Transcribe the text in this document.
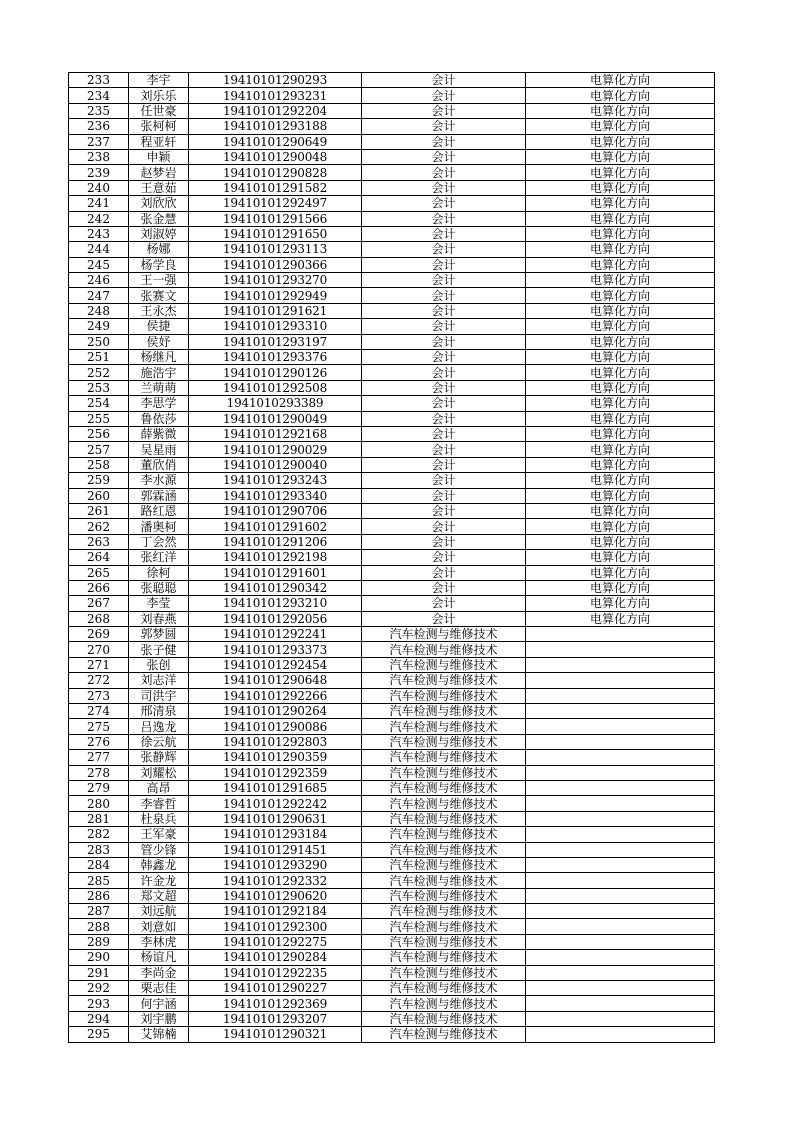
233	李宇	19410101290293	会计	电算化方向
234	刘乐乐	19410101293231	会计	电算化方向
235	任世豪	19410101292204	会计	电算化方向
236	张柯柯	19410101293188	会计	电算化方向
237	程亚轩	19410101290649	会计	电算化方向
238	申颖	19410101290048	会计	电算化方向
239	赵梦岩	19410101290828	会计	电算化方向
240	王意茹	19410101291582	会计	电算化方向
241	刘欣欣	19410101292497	会计	电算化方向
242	张金慧	19410101291566	会计	电算化方向
243	刘淑婷	19410101291650	会计	电算化方向
244	杨娜	19410101293113	会计	电算化方向
245	杨学良	19410101290366	会计	电算化方向
246	王一强	19410101293270	会计	电算化方向
247	张赛文	19410101292949	会计	电算化方向
248	王永杰	19410101291621	会计	电算化方向
249	侯捷	19410101293310	会计	电算化方向
250	侯妤	19410101293197	会计	电算化方向
251	杨继凡	19410101293376	会计	电算化方向
252	施浩宇	19410101290126	会计	电算化方向
253	兰萌萌	19410101292508	会计	电算化方向
254	李思学	1941010293389	会计	电算化方向
255	鲁依莎	19410101290049	会计	电算化方向
256	薛紫微	19410101292168	会计	电算化方向
257	吴星雨	19410101290029	会计	电算化方向
258	董欣俏	19410101290040	会计	电算化方向
259	李水源	19410101293243	会计	电算化方向
260	郭霖涵	19410101293340	会计	电算化方向
261	路红恩	19410101290706	会计	电算化方向
262	潘奥柯	19410101291602	会计	电算化方向
263	丁会然	19410101291206	会计	电算化方向
264	张红洋	19410101292198	会计	电算化方向
265	徐柯	19410101291601	会计	电算化方向
266	张聪聪	19410101290342	会计	电算化方向
267	李莹	19410101293210	会计	电算化方向
268	刘春燕	19410101292056	会计	电算化方向
269	郭梦圆	19410101292241	汽车检测与维修技术	
270	张子健	19410101293373	汽车检测与维修技术	
271	张创	19410101292454	汽车检测与维修技术	
272	刘志洋	19410101290648	汽车检测与维修技术	
273	司洪宇	19410101292266	汽车检测与维修技术	
274	邢清泉	19410101290264	汽车检测与维修技术	
275	吕逸龙	19410101290086	汽车检测与维修技术	
276	徐云航	19410101292803	汽车检测与维修技术	
277	张静辉	19410101290359	汽车检测与维修技术	
278	刘耀松	19410101292359	汽车检测与维修技术	
279	高昂	19410101291685	汽车检测与维修技术	
280	李睿哲	19410101292242	汽车检测与维修技术	
281	杜泉兵	19410101290631	汽车检测与维修技术	
282	王军豪	19410101293184	汽车检测与维修技术	
283	管少锋	19410101291451	汽车检测与维修技术	
284	韩鑫龙	19410101293290	汽车检测与维修技术	
285	许金龙	19410101292332	汽车检测与维修技术	
286	郑文超	19410101290620	汽车检测与维修技术	
287	刘远航	19410101292184	汽车检测与维修技术	
288	刘意如	19410101292300	汽车检测与维修技术	
289	李林虎	19410101292275	汽车检测与维修技术	
290	杨谊凡	19410101290284	汽车检测与维修技术	
291	李尚金	19410101292235	汽车检测与维修技术	
292	栗志佳	19410101290227	汽车检测与维修技术	
293	何宇涵	19410101292369	汽车检测与维修技术	
294	刘宇鹏	19410101293207	汽车检测与维修技术	
295	艾锦楠	19410101290321	汽车检测与维修技术	
